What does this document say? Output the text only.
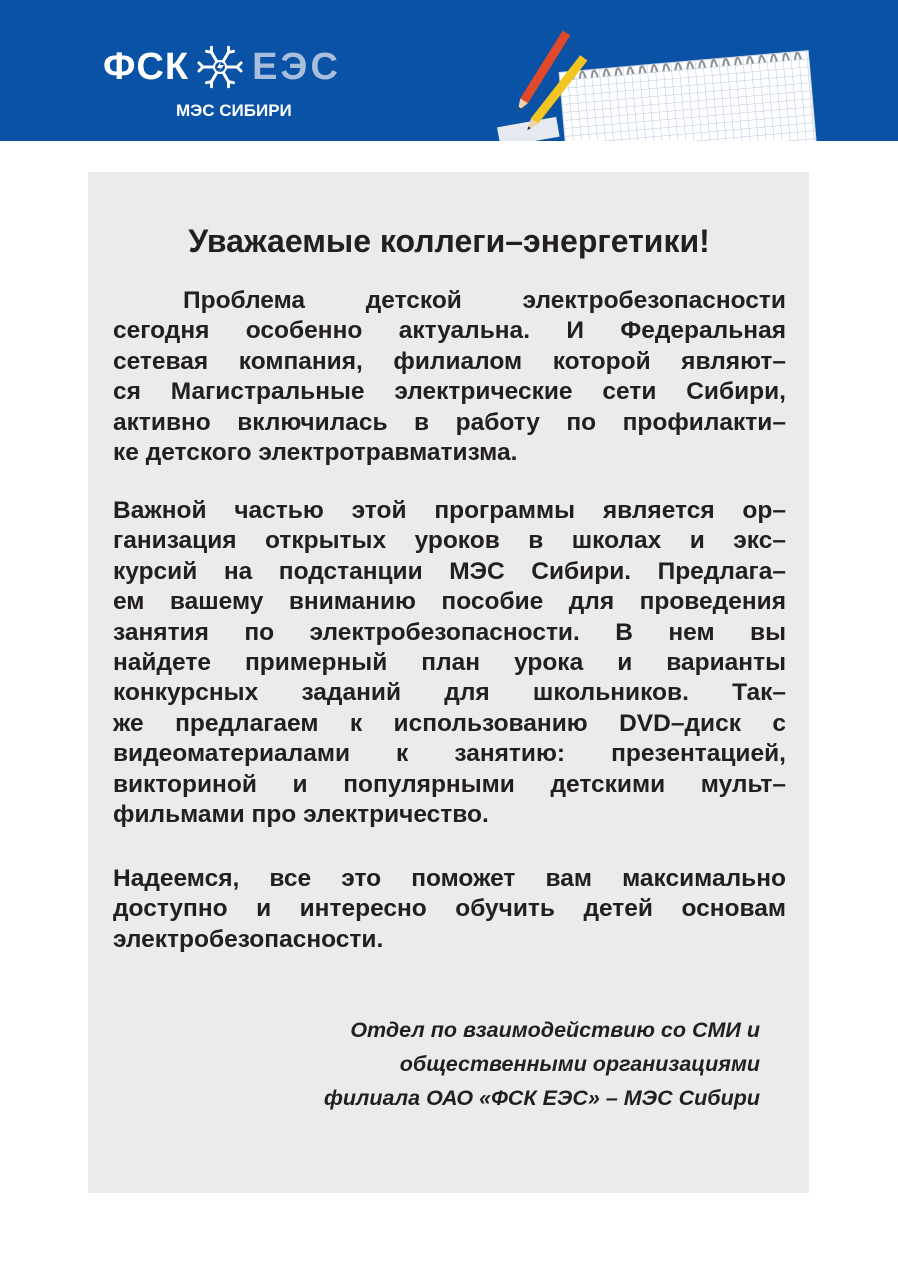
ФСК ЕЭС
МЭС СИБИРИ
Уважаемые коллеги–энергетики!
Проблема детской электробезопасности
сегодня особенно актуальна. И Федеральная
сетевая компания, филиалом которой являют–
ся Магистральные электрические сети Сибири,
активно включилась в работу по профилакти–
ке детского электротравматизма.
Важной частью этой программы является ор–
ганизация открытых уроков в школах и экс–
курсий на подстанции МЭС Сибири. Предлага–
ем вашему вниманию пособие для проведения
занятия по электробезопасности. В нем вы
найдете примерный план урока и варианты
конкурсных заданий для школьников. Так–
же предлагаем к использованию DVD–диск с
видеоматериалами к занятию: презентацией,
викториной и популярными детскими мульт–
фильмами про электричество.
Надеемся, все это поможет вам максимально
доступно и интересно обучить детей основам
электробезопасности.
Отдел по взаимодействию со СМИ и
общественными организациями
филиала ОАО «ФСК ЕЭС» – МЭС Сибири
